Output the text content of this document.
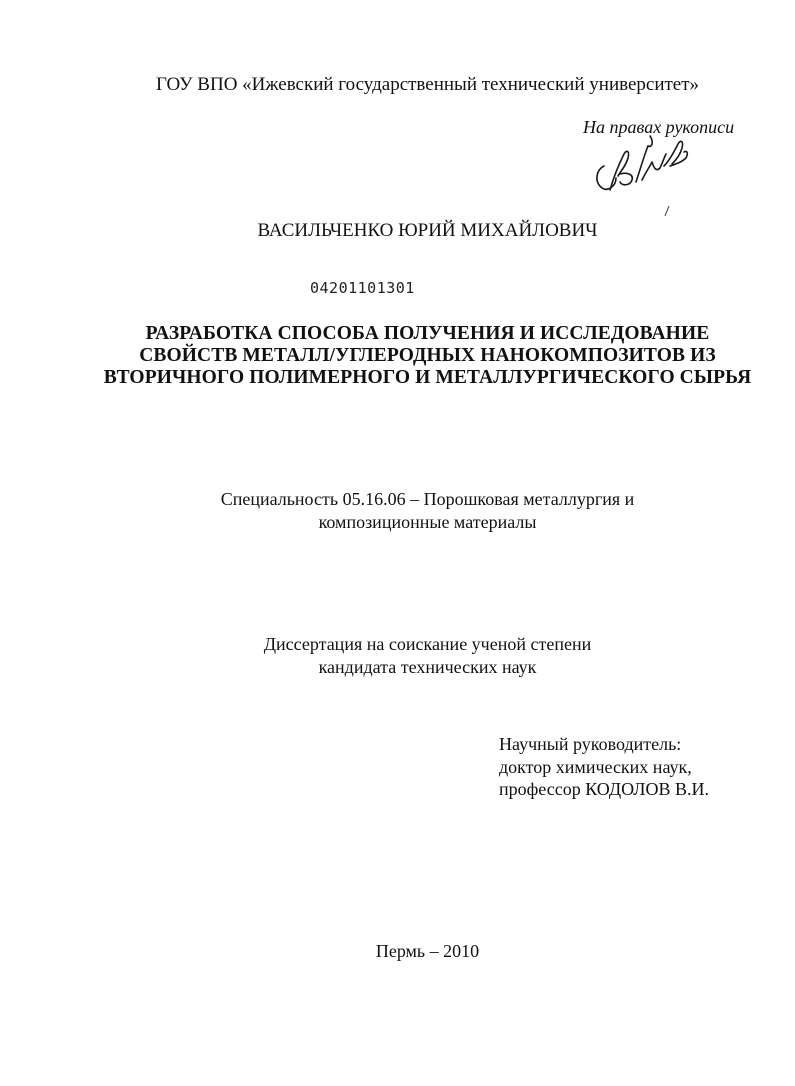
ГОУ ВПО «Ижевский государственный технический университет»
На правах рукописи
ВАСИЛЬЧЕНКО ЮРИЙ МИХАЙЛОВИЧ
04201101301
РАЗРАБОТКА СПОСОБА ПОЛУЧЕНИЯ И ИССЛЕДОВАНИЕ
СВОЙСТВ МЕТАЛЛ/УГЛЕРОДНЫХ НАНОКОМПОЗИТОВ ИЗ
ВТОРИЧНОГО ПОЛИМЕРНОГО И МЕТАЛЛУРГИЧЕСКОГО СЫРЬЯ
Специальность 05.16.06 – Порошковая металлургия и
композиционные материалы
Диссертация на соискание ученой степени
кандидата технических наук
Научный руководитель:
доктор химических наук,
профессор КОДОЛОВ В.И.
Пермь – 2010
